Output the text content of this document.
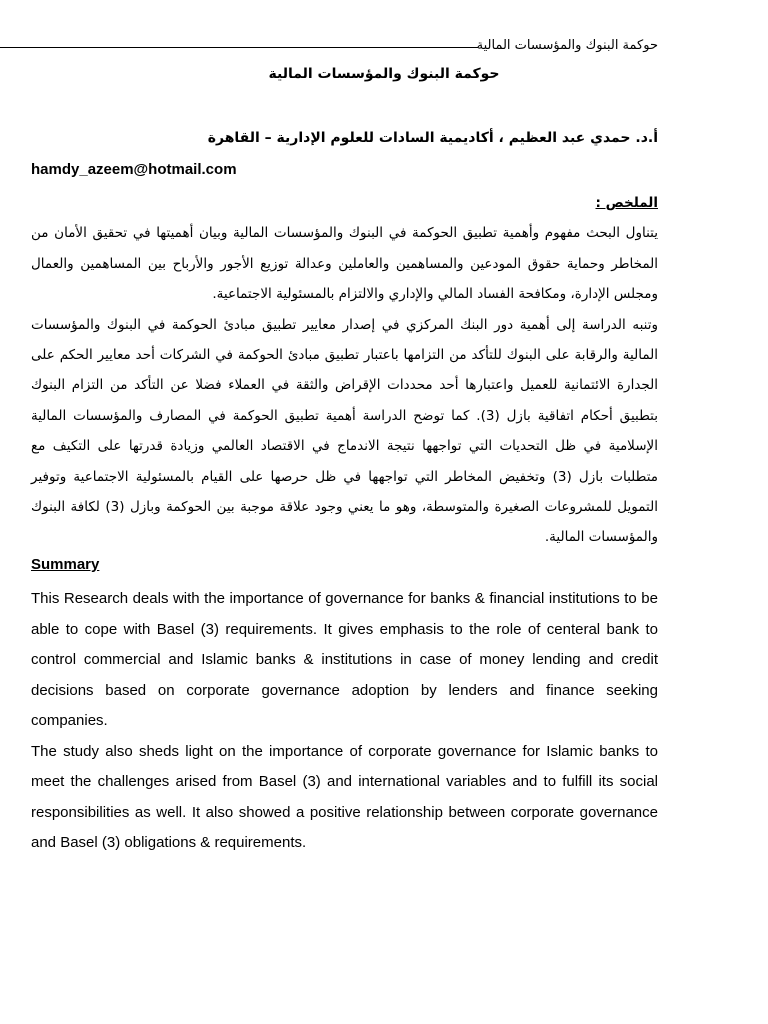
حوكمة البنوك والمؤسسات المالية
حوكمة البنوك والمؤسسات المالية
أ.د. حمدي عبد العظيم ، أكاديمية السادات للعلوم الإدارية – القاهرة
hamdy_azeem@hotmail.com
الملخص :

يتناول البحث مفهوم وأهمية تطبيق الحوكمة في البنوك والمؤسسات المالية وبيان أهميتها في تحقيق الأمان من المخاطر وحماية حقوق المودعين والمساهمين والعاملين وعدالة توزيع الأجور والأرباح بين المساهمين والعمال ومجلس الإدارة، ومكافحة الفساد المالي والإداري والالتزام بالمسئولية الاجتماعية.

وتنبه الدراسة إلى أهمية دور البنك المركزي في إصدار معايير تطبيق مبادئ الحوكمة في البنوك والمؤسسات المالية والرقابة على البنوك للتأكد من التزامها باعتبار تطبيق مبادئ الحوكمة في الشركات أحد معايير الحكم على الجدارة الائتمانية للعميل واعتبارها أحد محددات الإقراض والثقة في العملاء فضلا عن التأكد من التزام البنوك بتطبيق أحكام اتفاقية بازل (3). كما توضح الدراسة أهمية تطبيق الحوكمة في المصارف والمؤسسات المالية الإسلامية في ظل التحديات التي تواجهها نتيجة الاندماج في الاقتصاد العالمي وزيادة قدرتها على التكيف مع متطلبات بازل (3) وتخفيض المخاطر التي تواجهها في ظل حرصها على القيام بالمسئولية الاجتماعية وتوفير التمويل للمشروعات الصغيرة والمتوسطة، وهو ما يعني وجود علاقة موجبة بين الحوكمة وبازل (3) لكافة البنوك والمؤسسات المالية.

Summary

This Research deals with the importance of governance for banks & financial institutions to be able to cope with Basel (3) requirements. It gives emphasis to the role of centeral bank to control commercial and Islamic banks & institutions in case of money lending and credit decisions based on corporate governance adoption by lenders and finance seeking companies.

The study also sheds light on the importance of corporate governance for Islamic banks to meet the challenges arised from Basel (3) and international variables and to fulfill its social responsibilities as well. It also showed a positive relationship between corporate governance and Basel (3) obligations & requirements.
